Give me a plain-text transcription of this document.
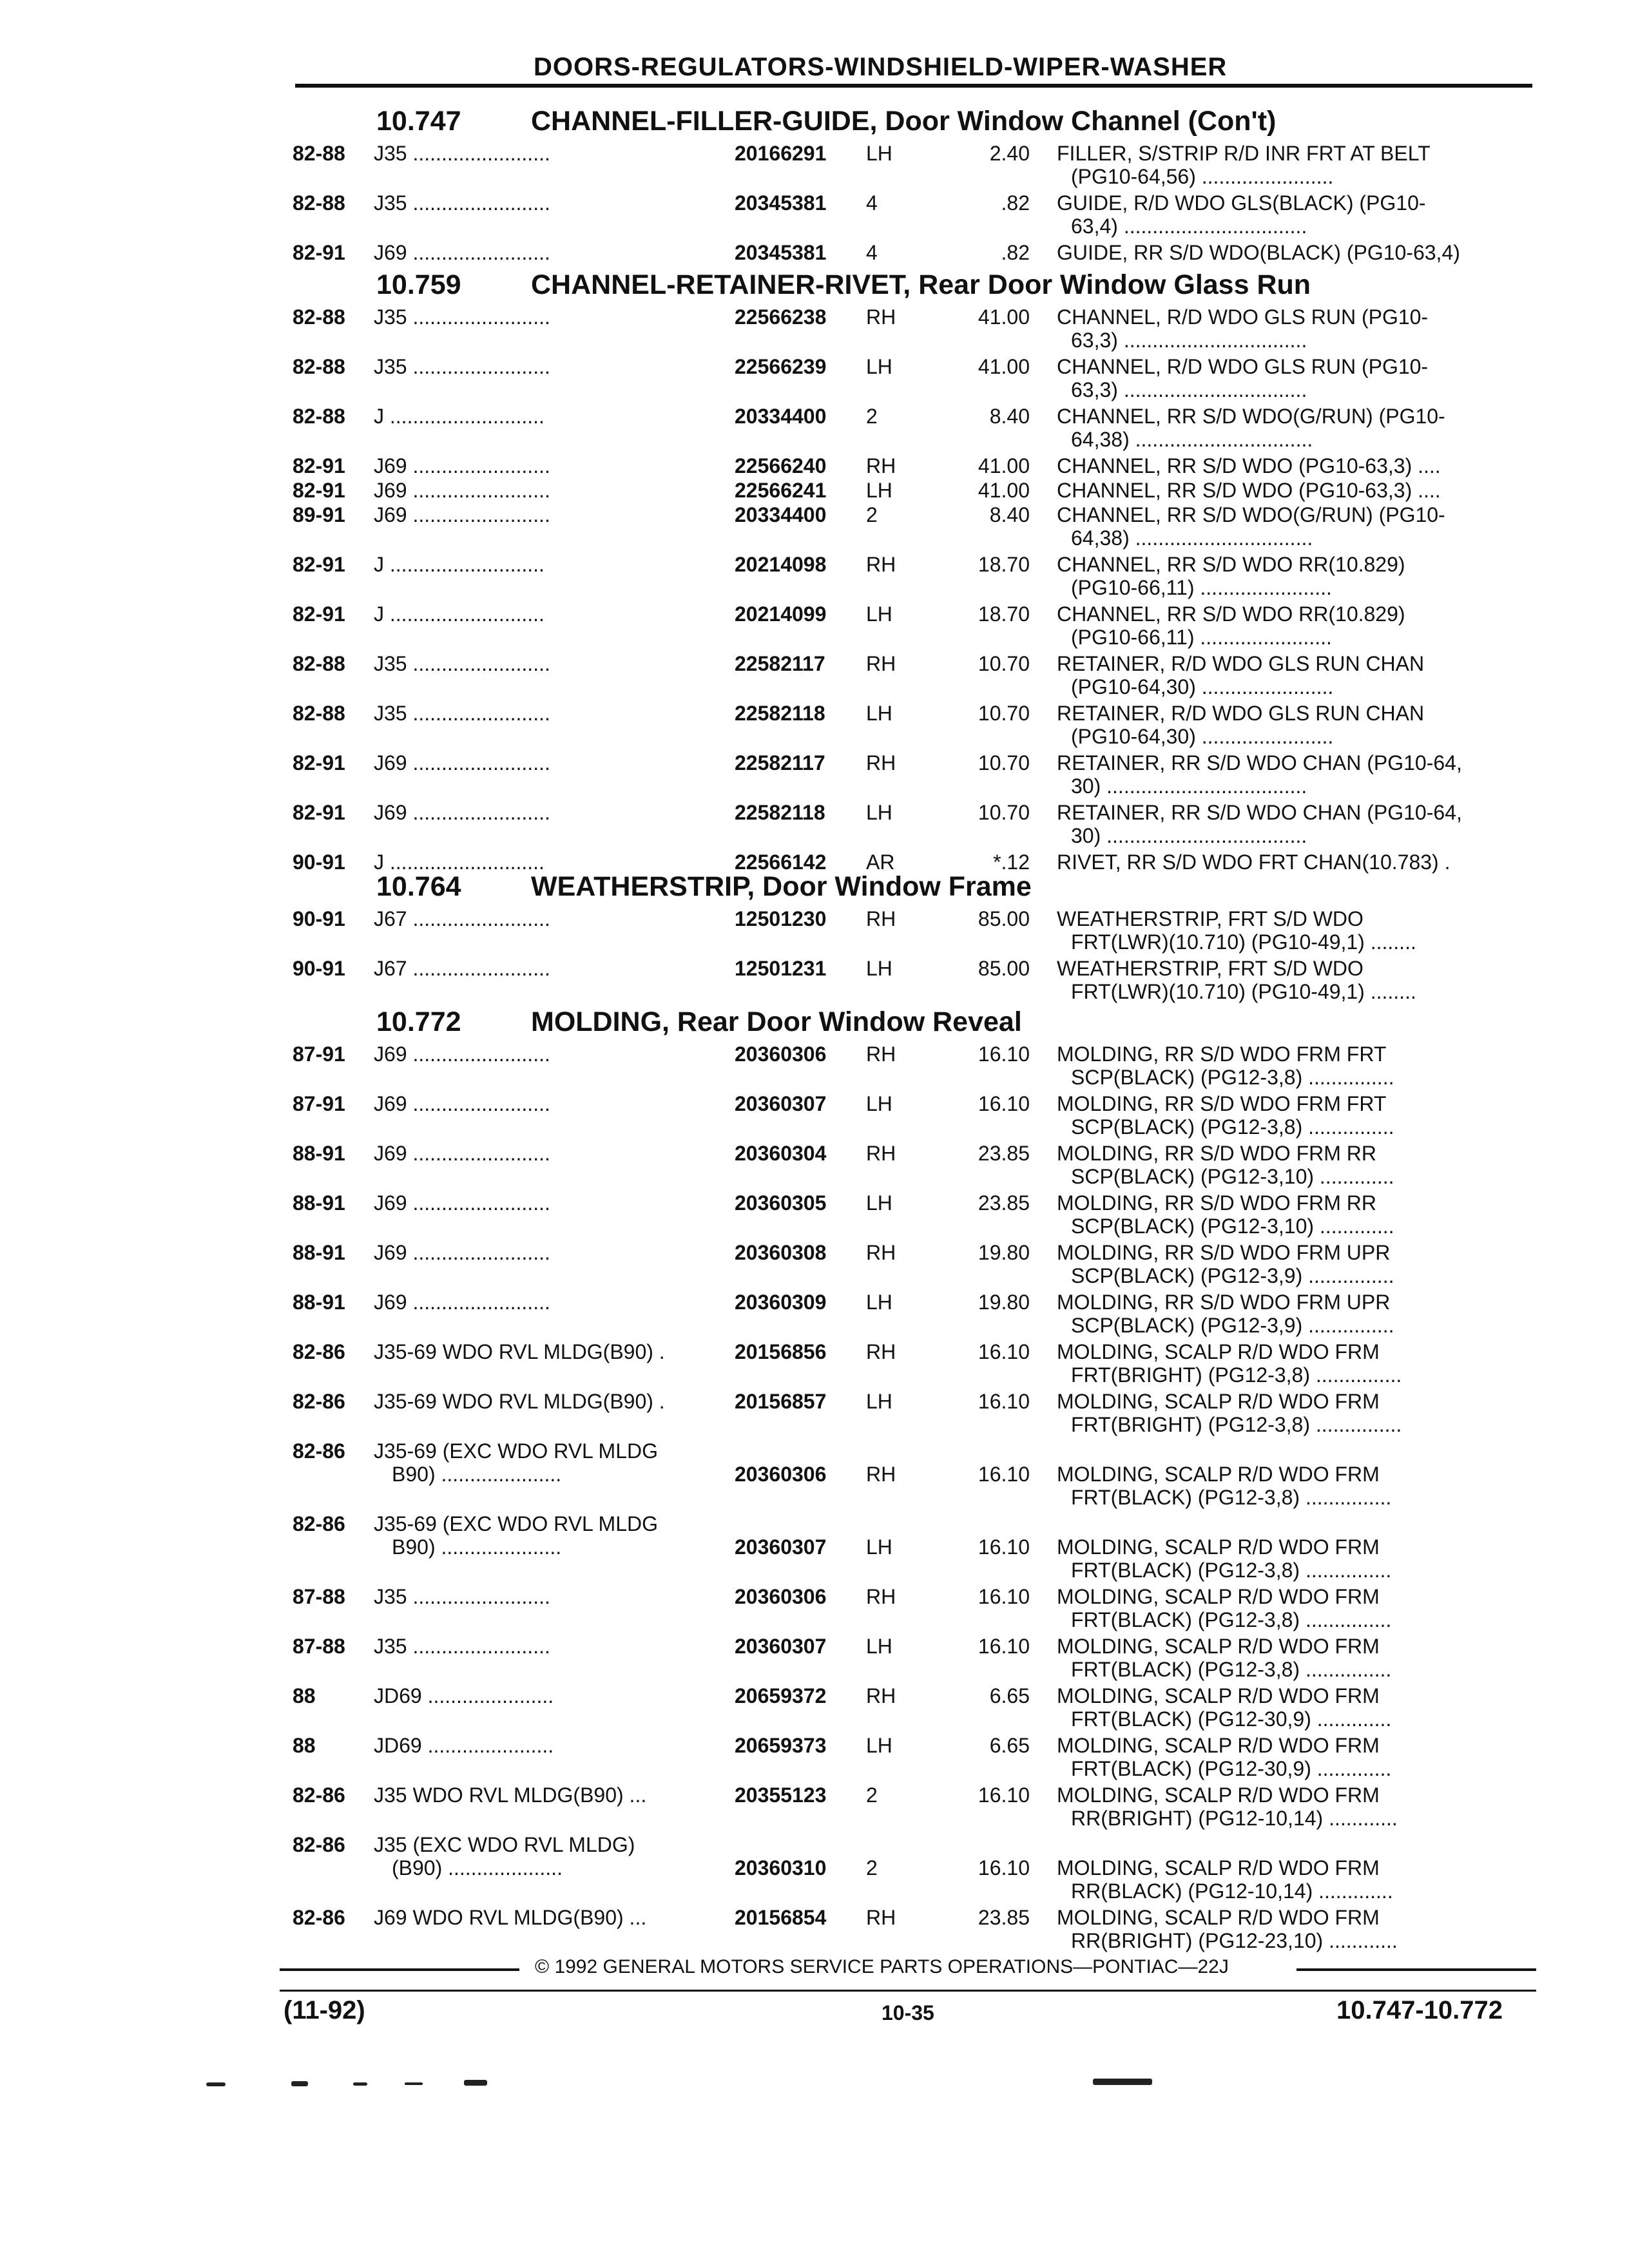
DOORS-REGULATORS-WINDSHIELD-WIPER-WASHER
10.747	CHANNEL-FILLER-GUIDE, Door Window Channel (Con't)
82-88 J35 ........................	20166291 LH	2.40 FILLER, S/STRIP R/D INR FRT AT BELT
(PG10-64,56) .......................
82-88 J35 ........................	20345381 4	.82 GUIDE, R/D WDO GLS(BLACK) (PG10-
63,4) ................................
82-91 J69 ........................	20345381 4	.82 GUIDE, RR S/D WDO(BLACK) (PG10-63,4)
10.759	CHANNEL-RETAINER-RIVET, Rear Door Window Glass Run
82-88 J35 ........................	22566238 RH	41.00 CHANNEL, R/D WDO GLS RUN (PG10-
63,3) ................................
82-88 J35 ........................	22566239 LH	41.00 CHANNEL, R/D WDO GLS RUN (PG10-
63,3) ................................
82-88 J ...........................	20334400 2	8.40 CHANNEL, RR S/D WDO(G/RUN) (PG10-
64,38) ...............................
82-91 J69 ........................	22566240 RH	41.00 CHANNEL, RR S/D WDO (PG10-63,3) ....
82-91 J69 ........................	22566241 LH	41.00 CHANNEL, RR S/D WDO (PG10-63,3) ....
89-91 J69 ........................	20334400 2	8.40 CHANNEL, RR S/D WDO(G/RUN) (PG10-
64,38) ...............................
82-91 J ...........................	20214098 RH	18.70 CHANNEL, RR S/D WDO RR(10.829)
(PG10-66,11) .......................
82-91 J ...........................	20214099 LH	18.70 CHANNEL, RR S/D WDO RR(10.829)
(PG10-66,11) .......................
82-88 J35 ........................	22582117 RH	10.70 RETAINER, R/D WDO GLS RUN CHAN
(PG10-64,30) .......................
82-88 J35 ........................	22582118 LH	10.70 RETAINER, R/D WDO GLS RUN CHAN
(PG10-64,30) .......................
82-91 J69 ........................	22582117 RH	10.70 RETAINER, RR S/D WDO CHAN (PG10-64,
30) ...................................
82-91 J69 ........................	22582118 LH	10.70 RETAINER, RR S/D WDO CHAN (PG10-64,
30) ...................................
90-91 J ...........................	22566142 AR	*.12 RIVET, RR S/D WDO FRT CHAN(10.783) .
10.764	WEATHERSTRIP, Door Window Frame
90-91 J67 ........................	12501230 RH	85.00 WEATHERSTRIP, FRT S/D WDO
FRT(LWR)(10.710) (PG10-49,1) ........
90-91 J67 ........................	12501231 LH	85.00 WEATHERSTRIP, FRT S/D WDO
FRT(LWR)(10.710) (PG10-49,1) ........
10.772	MOLDING, Rear Door Window Reveal
87-91 J69 ........................	20360306 RH	16.10 MOLDING, RR S/D WDO FRM FRT
SCP(BLACK) (PG12-3,8) ...............
87-91 J69 ........................	20360307 LH	16.10 MOLDING, RR S/D WDO FRM FRT
SCP(BLACK) (PG12-3,8) ...............
88-91 J69 ........................	20360304 RH	23.85 MOLDING, RR S/D WDO FRM RR
SCP(BLACK) (PG12-3,10) .............
88-91 J69 ........................	20360305 LH	23.85 MOLDING, RR S/D WDO FRM RR
SCP(BLACK) (PG12-3,10) .............
88-91 J69 ........................	20360308 RH	19.80 MOLDING, RR S/D WDO FRM UPR
SCP(BLACK) (PG12-3,9) ...............
88-91 J69 ........................	20360309 LH	19.80 MOLDING, RR S/D WDO FRM UPR
SCP(BLACK) (PG12-3,9) ...............
82-86 J35-69 WDO RVL MLDG(B90) .	20156856 RH	16.10 MOLDING, SCALP R/D WDO FRM
FRT(BRIGHT) (PG12-3,8) ...............
82-86 J35-69 WDO RVL MLDG(B90) .	20156857 LH	16.10 MOLDING, SCALP R/D WDO FRM
FRT(BRIGHT) (PG12-3,8) ...............
82-86 J35-69 (EXC WDO RVL MLDG
B90) .....................	20360306 RH	16.10 MOLDING, SCALP R/D WDO FRM
FRT(BLACK) (PG12-3,8) ...............
82-86 J35-69 (EXC WDO RVL MLDG
B90) .....................	20360307 LH	16.10 MOLDING, SCALP R/D WDO FRM
FRT(BLACK) (PG12-3,8) ...............
87-88 J35 ........................	20360306 RH	16.10 MOLDING, SCALP R/D WDO FRM
FRT(BLACK) (PG12-3,8) ...............
87-88 J35 ........................	20360307 LH	16.10 MOLDING, SCALP R/D WDO FRM
FRT(BLACK) (PG12-3,8) ...............
88	JD69 ......................	20659372 RH	6.65 MOLDING, SCALP R/D WDO FRM
FRT(BLACK) (PG12-30,9) .............
88	JD69 ......................	20659373 LH	6.65 MOLDING, SCALP R/D WDO FRM
FRT(BLACK) (PG12-30,9) .............
82-86 J35 WDO RVL MLDG(B90) ...	20355123 2	16.10 MOLDING, SCALP R/D WDO FRM
RR(BRIGHT) (PG12-10,14) ............
82-86 J35 (EXC WDO RVL MLDG)
(B90) ....................	20360310 2	16.10 MOLDING, SCALP R/D WDO FRM
RR(BLACK) (PG12-10,14) .............
82-86 J69 WDO RVL MLDG(B90) ...	20156854 RH	23.85 MOLDING, SCALP R/D WDO FRM
RR(BRIGHT) (PG12-23,10) ............
© 1992 GENERAL MOTORS SERVICE PARTS OPERATIONS—PONTIAC—22J
(11-92)	10-35	10.747-10.772
